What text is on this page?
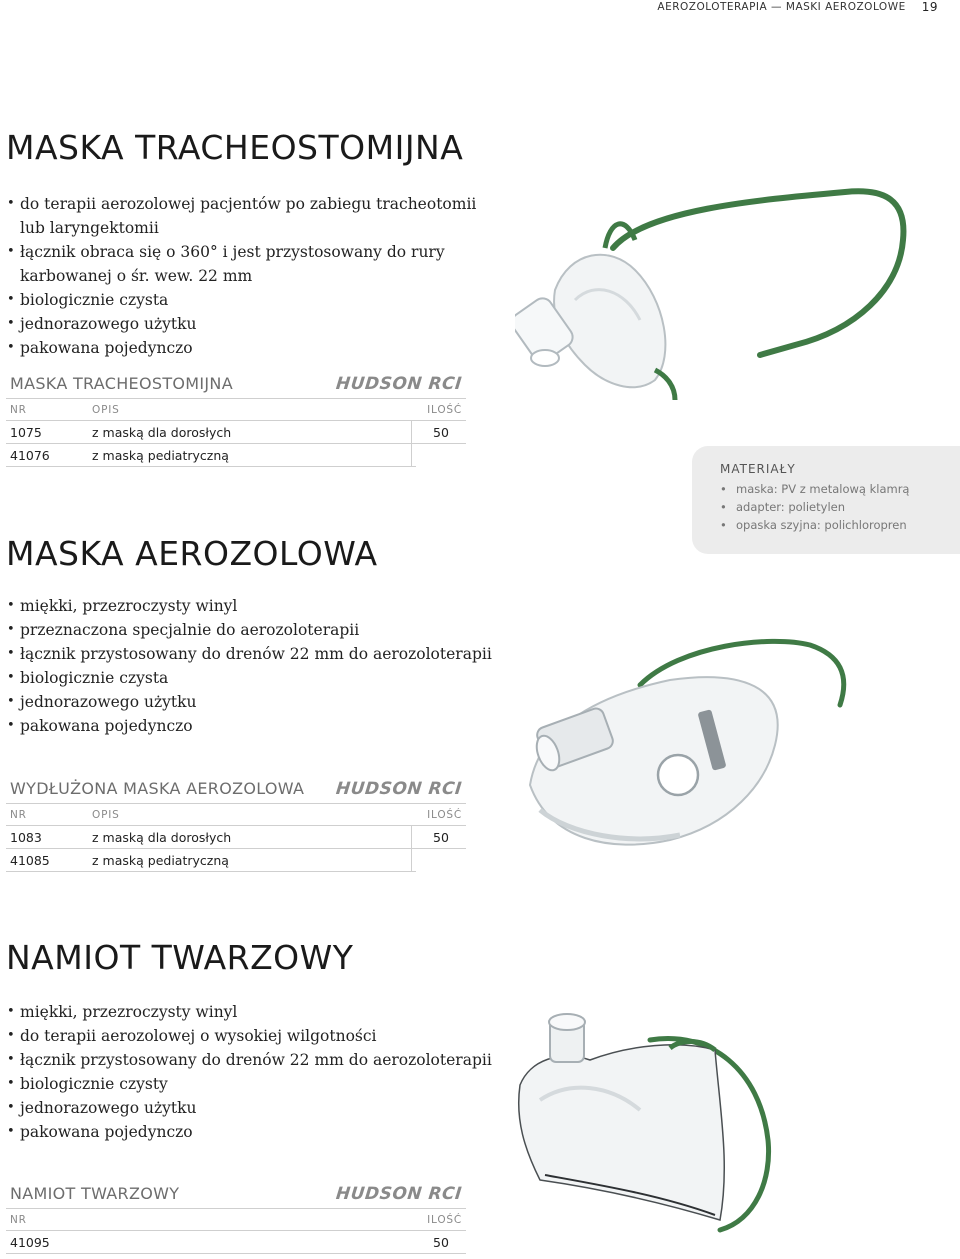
AEROZOLOTERAPIA — MASKI AEROZOLOWE 19
MASKA TRACHEOSTOMIJNA
• do terapii aerozolowej pacjentów po zabiegu tracheotomii
lub laryngektomii
• łącznik obraca się o 360° i jest przystosowany do rury
karbowanej o śr. wew. 22 mm
• biologicznie czysta
• jednorazowego użytku
• pakowana pojedynczo
MASKA TRACHEOSTOMIJNA	HUDSON RCI
NR	OPIS	ILOŚĆ
1075	z maską dla dorosłych	50
41076	z maską pediatryczną
MATERIAŁY
• maska: PV z metalową klamrą
• adapter: polietylen
• opaska szyjna: polichloropren
MASKA AEROZOLOWA
• miękki, przezroczysty winyl
• przeznaczona specjalnie do aerozoloterapii
• łącznik przystosowany do drenów 22 mm do aerozoloterapii
• biologicznie czysta
• jednorazowego użytku
• pakowana pojedynczo
WYDŁUŻONA MASKA AEROZOLOWA HUDSON RCI
NR	OPIS	ILOŚĆ
1083	z maską dla dorosłych	50
41085	z maską pediatryczną
NAMIOT TWARZOWY
• miękki, przezroczysty winyl
• do terapii aerozolowej o wysokiej wilgotności
• łącznik przystosowany do drenów 22 mm do aerozoloterapii
• biologicznie czysty
• jednorazowego użytku
• pakowana pojedynczo
NAMIOT TWARZOWY	HUDSON RCI
NR	ILOŚĆ
41095	50
